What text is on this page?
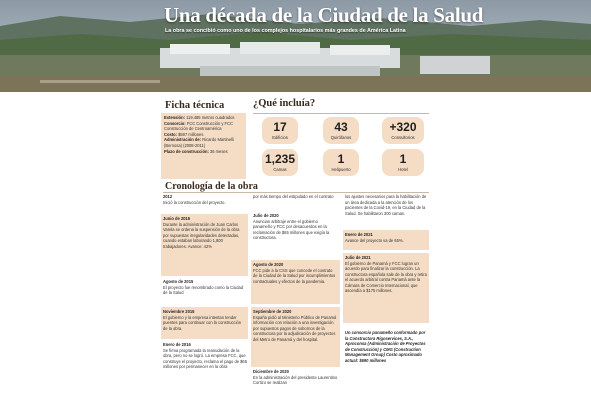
Una década de la Ciudad de la Salud
La obra se concibió como uno de los complejos hospitalarios más grandes de América Latina
Ficha técnica
Extensión: 119.485 metros cuadrados
Consorcio: FCC Construcción y FCC Construcción de Centroamérica
Costo: $597 millones
Administración de: Ricardo Martinelli (Bernosa) (2008-2011)
Plazo de construcción: 36 meses
¿Qué incluía?
17
Edificios
43
Quirófanos
+320
Consultorios
1,235
Camas
1
Helipuerto
1
Hotel
Cronología de la obra
2012
Inició la construcción del proyecto.
Junio de 2015
Durante la administración de Juan Carlos Varela se ordena la suspensión de la obra por supuestas irregularidades detectadas, cuando estaban laborando 1,800 trabajadores. Avance: 42%
Agosto de 2015
El proyecto fue renombrado como la Ciudad de la Salud
Noviembre 2015
El gobierno y la empresa intentan tender puentes para continuar con la construcción de la obra.
Enero de 2016
Se firma programada la reanudación de la obra, pero no se logró. La empresa FCC, que construye el proyecto, reclama el pago de $65 millones por permanecer en la obra
por más tiempo del estipulado en el contrato
Julio de 2020
Anuncian arbitraje entre el gobierno panameño y FCC por desacuerdos en la reclamación de $65 millones que exigía la constructora.
Agosto de 2020
FCC pide a la CSS que concede el contrato de la Ciudad de la Salud por incumplimientos contractuales y efectos de la pandemia.
Septiembre de 2020
España pidió al Ministerio Público de Panamá información con relación a una investigación por supuestos pagos de sobornos de la constructora por la adjudicación de proyectos del Metro de Panamá y del hospital.
Diciembre de 2020
En la administración del presidente Laurentino Cortizo se realizan
los ajustes necesarios para la habilitación de un área dedicada a la atención de los pacientes de la Covid-19, en la Ciudad de la Salud. Se habilitaron 300 camas.
Enero de 2021
Avance del proyecto va de 65%.
Julio de 2021
El gobierno de Panamá y FCC logran un acuerdo para finalizar la construcción. La constructora española sale de la obra y retira el acuerdo arbitral contra Panamá ante la Cámara de Comercio Internacional, que ascendía a $175 millones.
Un consorcio panameño conformado por la Constructora Rigoservices, S.A., Aproconsa (Administración de Proyectos de Construcción) y CMG (Construction Management Group) Costo aproximado actual: $690 millones
